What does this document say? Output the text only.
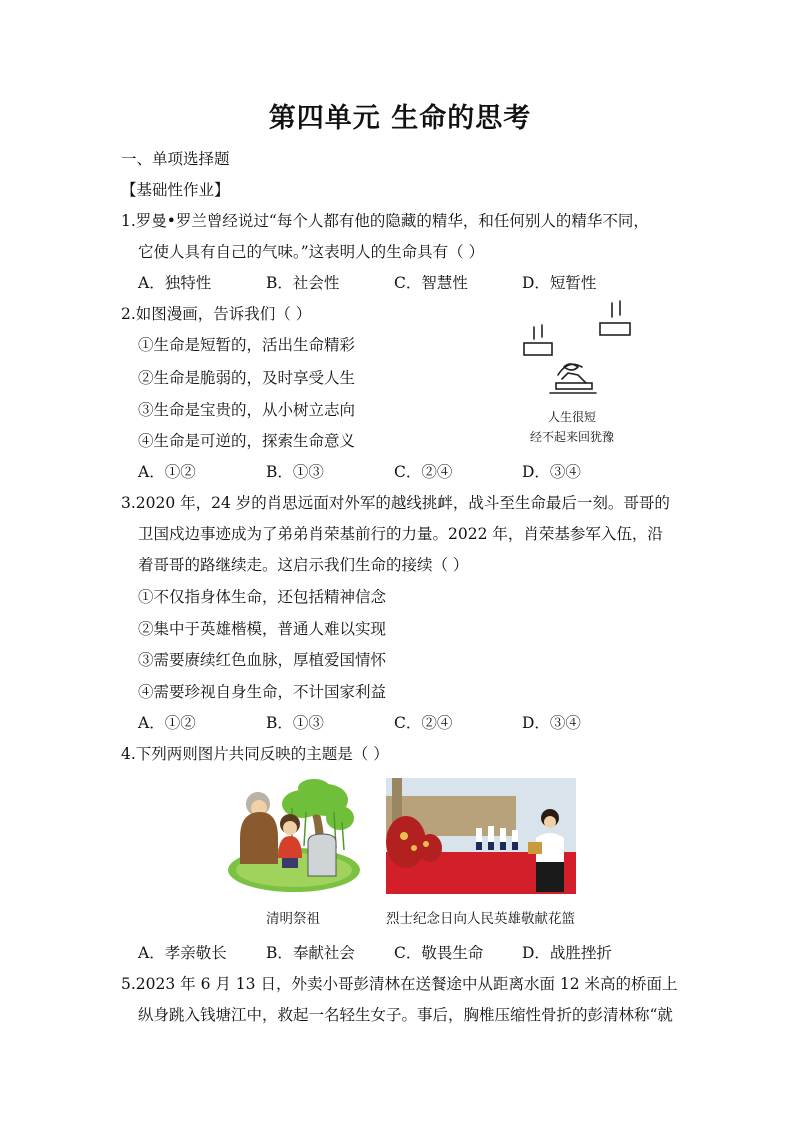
第四单元 生命的思考
一、单项选择题
【基础性作业】
1.罗曼•罗兰曾经说过“每个人都有他的隐藏的精华，和任何别人的精华不同，
它使人具有自己的气味。”这表明人的生命具有（ ）
A．独特性	B．社会性	C．智慧性	D．短暂性
2.如图漫画，告诉我们（ ）
①生命是短暂的，活出生命精彩
②生命是脆弱的，及时享受人生
③生命是宝贵的，从小树立志向
④生命是可逆的，探索生命意义
人生很短
经不起来回犹豫
A．①②	B．①③	C．②④	D．③④
3.2020 年，24 岁的肖思远面对外军的越线挑衅，战斗至生命最后一刻。哥哥的
卫国戍边事迹成为了弟弟肖荣基前行的力量。2022 年，肖荣基参军入伍，沿
着哥哥的路继续走。这启示我们生命的接续（ ）
①不仅指身体生命，还包括精神信念
②集中于英雄楷模，普通人难以实现
③需要赓续红色血脉，厚植爱国情怀
④需要珍视自身生命，不计国家利益
A．①②	B．①③	C．②④	D．③④
4.下列两则图片共同反映的主题是（ ）
清明祭祖	烈士纪念日向人民英雄敬献花篮
A．孝亲敬长	B．奉献社会	C．敬畏生命 D．战胜挫折
5.2023 年 6 月 13 日，外卖小哥彭清林在送餐途中从距离水面 12 米高的桥面上
纵身跳入钱塘江中，救起一名轻生女子。事后，胸椎压缩性骨折的彭清林称“就
